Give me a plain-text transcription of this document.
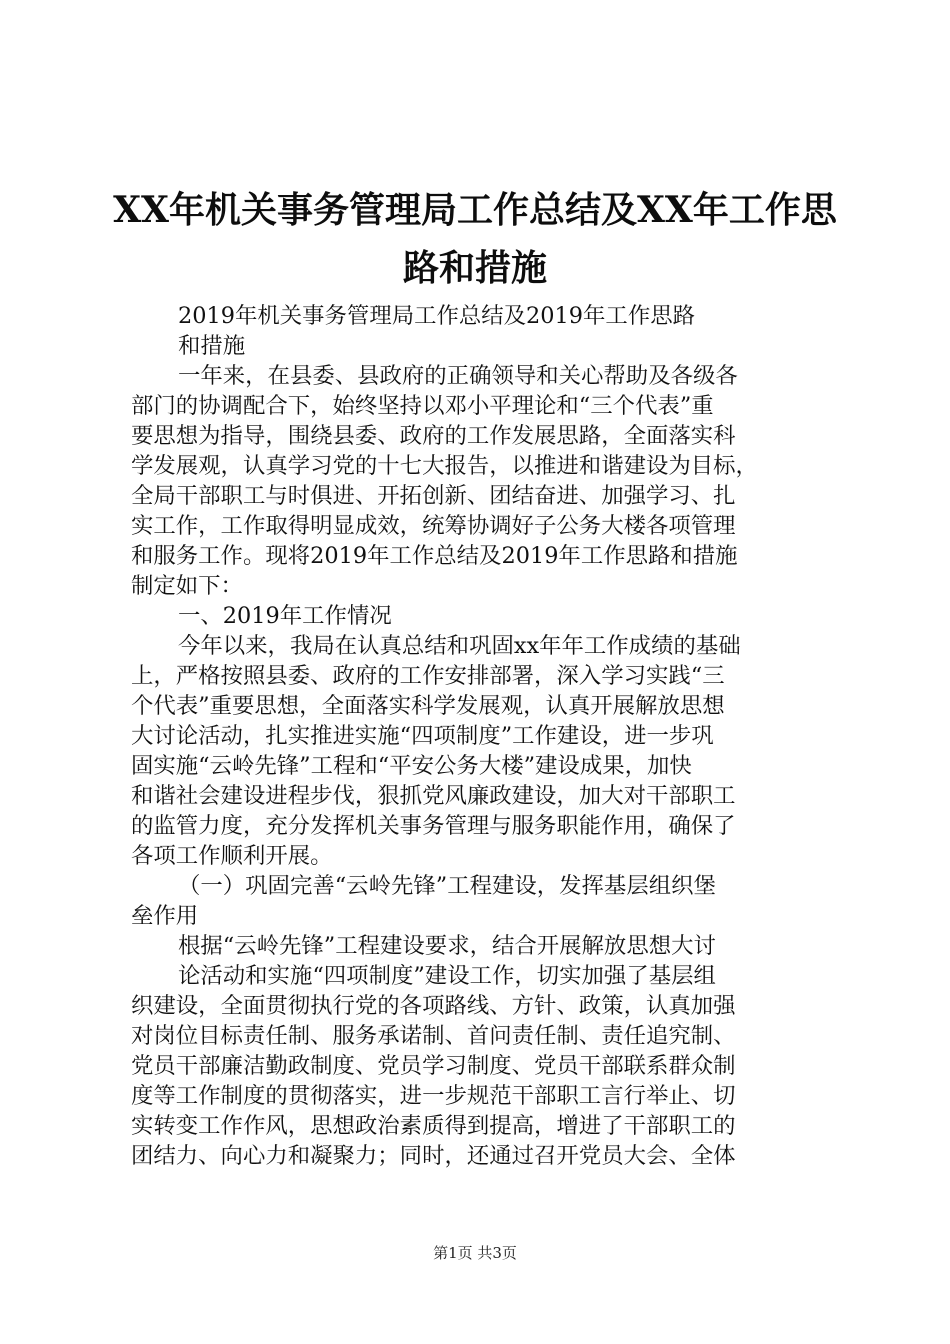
XX年机关事务管理局工作总结及XX年工作思
路和措施
2019年机关事务管理局工作总结及2019年工作思路
和措施
一年来，在县委、县政府的正确领导和关心帮助及各级各
部门的协调配合下，始终坚持以邓小平理论和“三个代表”重
要思想为指导，围绕县委、政府的工作发展思路，全面落实科
学发展观，认真学习党的十七大报告，以推进和谐建设为目标，
全局干部职工与时俱进、开拓创新、团结奋进、加强学习、扎
实工作，工作取得明显成效，统筹协调好子公务大楼各项管理
和服务工作。现将2019年工作总结及2019年工作思路和措施
制定如下：
一、2019年工作情况
今年以来，我局在认真总结和巩固xx年年工作成绩的基础
上，严格按照县委、政府的工作安排部署，深入学习实践“三
个代表”重要思想，全面落实科学发展观，认真开展解放思想
大讨论活动，扎实推进实施“四项制度”工作建设，进一步巩
固实施“云岭先锋”工程和“平安公务大楼”建设成果，加快
和谐社会建设进程步伐，狠抓党风廉政建设，加大对干部职工
的监管力度，充分发挥机关事务管理与服务职能作用，确保了
各项工作顺利开展。
（一）巩固完善“云岭先锋”工程建设，发挥基层组织堡
垒作用
根据“云岭先锋”工程建设要求，结合开展解放思想大讨
论活动和实施“四项制度”建设工作，切实加强了基层组
织建设，全面贯彻执行党的各项路线、方针、政策，认真加强
对岗位目标责任制、服务承诺制、首问责任制、责任追究制、
党员干部廉洁勤政制度、党员学习制度、党员干部联系群众制
度等工作制度的贯彻落实，进一步规范干部职工言行举止、切
实转变工作作风，思想政治素质得到提高，增进了干部职工的
团结力、向心力和凝聚力；同时，还通过召开党员大会、全体
第1页 共3页
